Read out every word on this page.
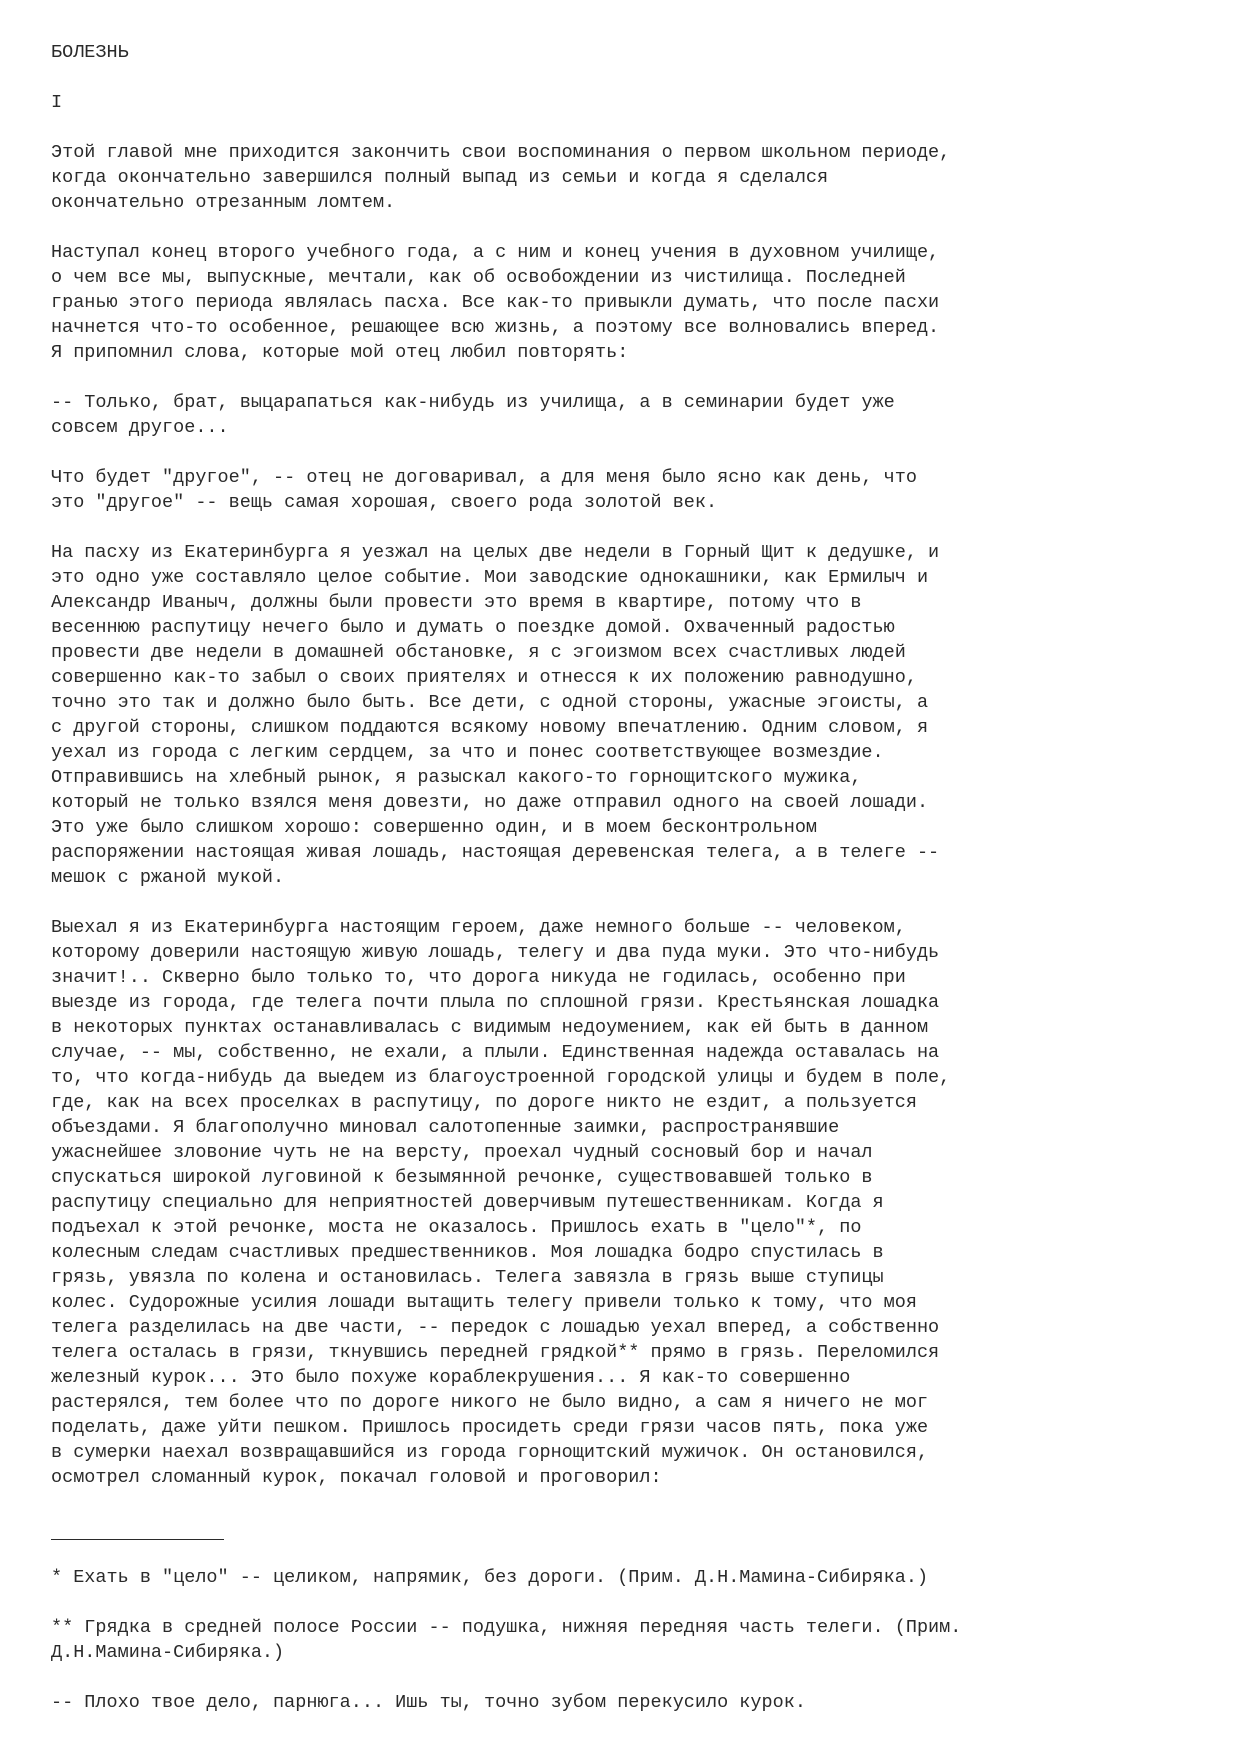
БОЛЕЗНЬ
I
Этой главой мне приходится закончить свои воспоминания о первом школьном периоде,
когда окончательно завершился полный выпад из семьи и когда я сделался
окончательно отрезанным ломтем.
Наступал конец второго учебного года, а с ним и конец учения в духовном училище,
о чем все мы, выпускные, мечтали, как об освобождении из чистилища. Последней
гранью этого периода являлась пасха. Все как-то привыкли думать, что после пасхи
начнется что-то особенное, решающее всю жизнь, а поэтому все волновались вперед.
Я припомнил слова, которые мой отец любил повторять:
-- Только, брат, выцарапаться как-нибудь из училища, а в семинарии будет уже
совсем другое...
Что будет "другое", -- отец не договаривал, а для меня было ясно как день, что
это "другое" -- вещь самая хорошая, своего рода золотой век.
На пасху из Екатеринбурга я уезжал на целых две недели в Горный Щит к дедушке, и
это одно уже составляло целое событие. Мои заводские однокашники, как Ермилыч и
Александр Иваныч, должны были провести это время в квартире, потому что в
весеннюю распутицу нечего было и думать о поездке домой. Охваченный радостью
провести две недели в домашней обстановке, я с эгоизмом всех счастливых людей
совершенно как-то забыл о своих приятелях и отнесся к их положению равнодушно,
точно это так и должно было быть. Все дети, с одной стороны, ужасные эгоисты, а
с другой стороны, слишком поддаются всякому новому впечатлению. Одним словом, я
уехал из города с легким сердцем, за что и понес соответствующее возмездие.
Отправившись на хлебный рынок, я разыскал какого-то горнощитского мужика,
который не только взялся меня довезти, но даже отправил одного на своей лошади.
Это уже было слишком хорошо: совершенно один, и в моем бесконтрольном
распоряжении настоящая живая лошадь, настоящая деревенская телега, а в телеге --
мешок с ржаной мукой.
Выехал я из Екатеринбурга настоящим героем, даже немного больше -- человеком,
которому доверили настоящую живую лошадь, телегу и два пуда муки. Это что-нибудь
значит!.. Скверно было только то, что дорога никуда не годилась, особенно при
выезде из города, где телега почти плыла по сплошной грязи. Крестьянская лошадка
в некоторых пунктах останавливалась с видимым недоумением, как ей быть в данном
случае, -- мы, собственно, не ехали, а плыли. Единственная надежда оставалась на
то, что когда-нибудь да выедем из благоустроенной городской улицы и будем в поле,
где, как на всех проселках в распутицу, по дороге никто не ездит, а пользуется
объездами. Я благополучно миновал салотопенные заимки, распространявшие
ужаснейшее зловоние чуть не на версту, проехал чудный сосновый бор и начал
спускаться широкой луговиной к безымянной речонке, существовавшей только в
распутицу специально для неприятностей доверчивым путешественникам. Когда я
подъехал к этой речонке, моста не оказалось. Пришлось ехать в "цело"*, по
колесным следам счастливых предшественников. Моя лошадка бодро спустилась в
грязь, увязла по колена и остановилась. Телега завязла в грязь выше ступицы
колес. Судорожные усилия лошади вытащить телегу привели только к тому, что моя
телега разделилась на две части, -- передок с лошадью уехал вперед, а собственно
телега осталась в грязи, ткнувшись передней грядкой** прямо в грязь. Переломился
железный курок... Это было похуже кораблекрушения... Я как-то совершенно
растерялся, тем более что по дороге никого не было видно, а сам я ничего не мог
поделать, даже уйти пешком. Пришлось просидеть среди грязи часов пять, пока уже
в сумерки наехал возвращавшийся из города горнощитский мужичок. Он остановился,
осмотрел сломанный курок, покачал головой и проговорил:
* Ехать в "цело" -- целиком, напрямик, без дороги. (Прим. Д.Н.Мамина-Сибиряка.)
** Грядка в средней полосе России -- подушка, нижняя передняя часть телеги. (Прим.
Д.Н.Мамина-Сибиряка.)
-- Плохо твое дело, парнюга... Ишь ты, точно зубом перекусило курок.
